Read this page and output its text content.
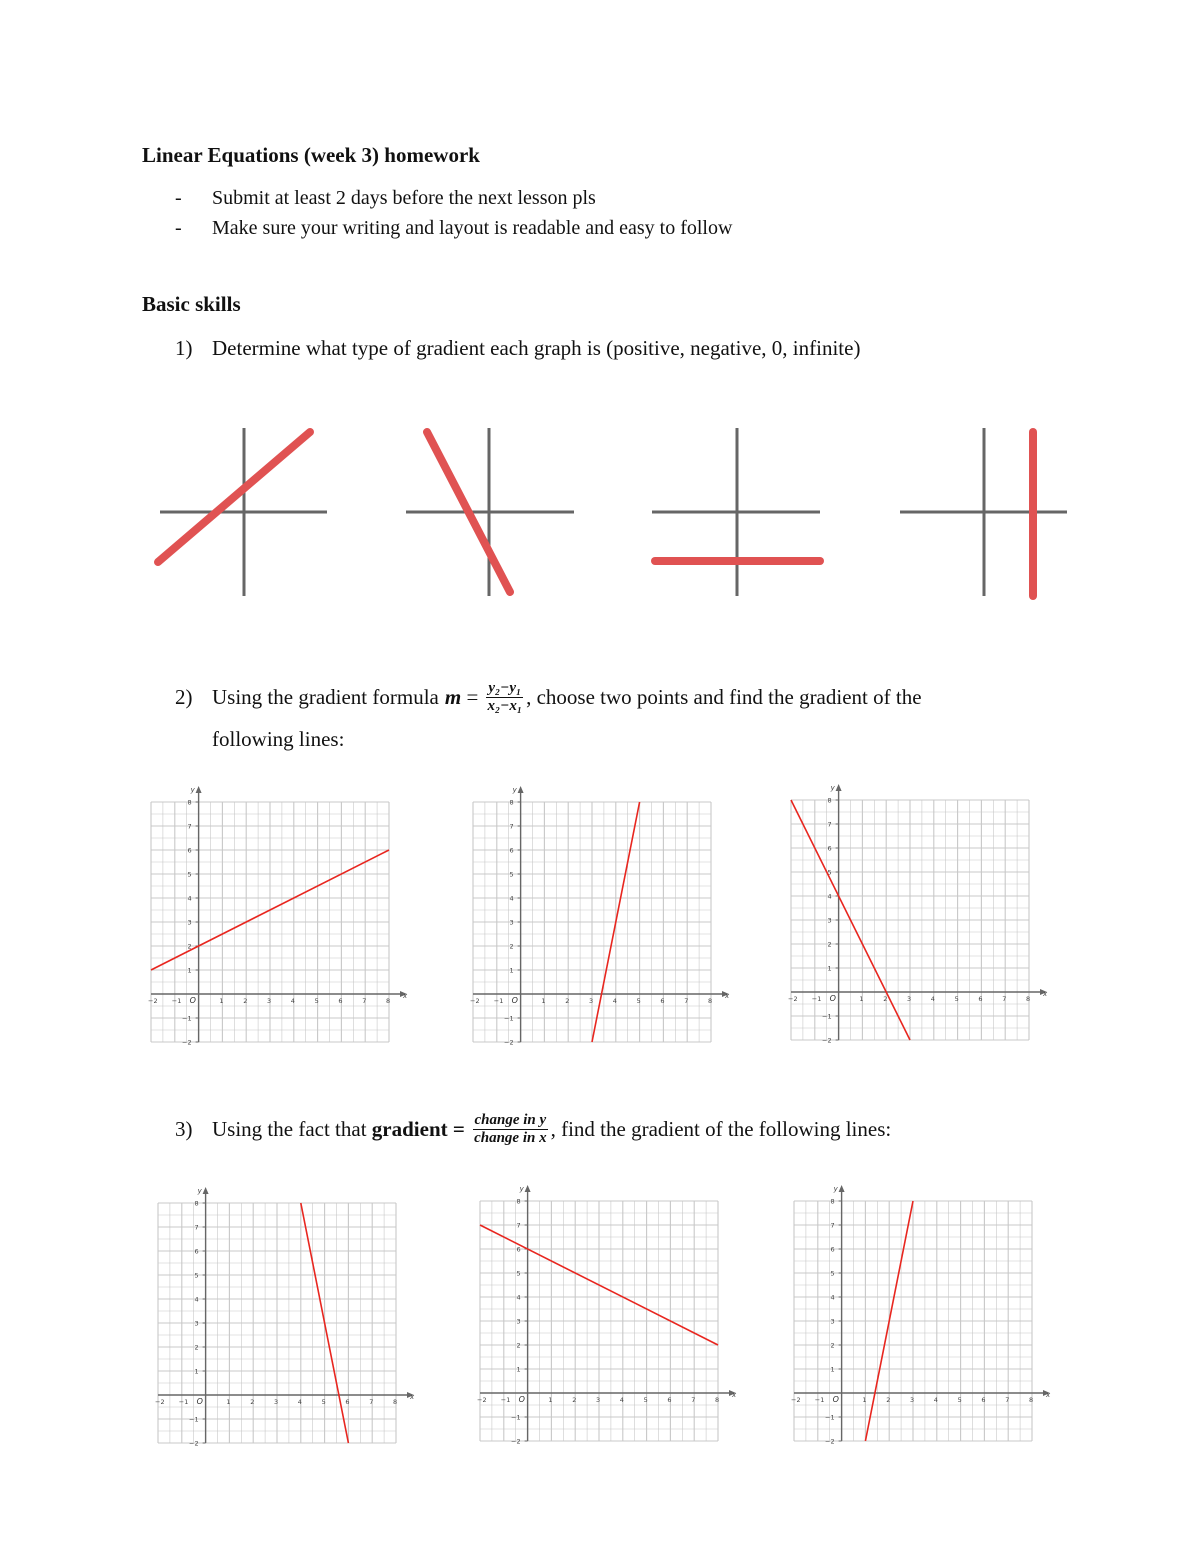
Linear Equations (week 3) homework
-	Submit at least 2 days before the next lesson pls
-	Make sure your writing and layout is readable and easy to follow
Basic skills
1) Determine what type of gradient each graph is (positive, negative, 0, infinite)
2) Using the gradient formula $m = \frac{\text{y₂−y₁}}{\text{x₂−x₁}}$ , choose two points and find the gradient of the
following lines:
3) Using the fact that gradient = $\frac{\text{change in y}}{\text{change in x}}$ , find the gradient of the following lines:
x
y
O
−2 −1	1	2	3	4	5	6	7	8
−2
−1
1
2
3
4
5
6
7
8
x
y
O
−2 −1	1	2	3	4	5	6	7	8
−2
−1
1
2
3
4
5
6
7
8
x
y
O
−2 −1	1	2	3	4	5	6	7	8
−2
−1
1
2
3
4
5
6
7
8
x
y
O
−2 −1	1	2	3	4	5	6	7	8
−2
−1
1
2
3
4
5
6
7
8
x
y
O
−2 −1	1	2	3	4	5	6	7	8
−2
−1
1
2
3
4
5
6
7
8
x
y
O
−2 −1	1	2	3	4	5	6	7	8
−2
−1
1
2
3
4
5
6
7
8
